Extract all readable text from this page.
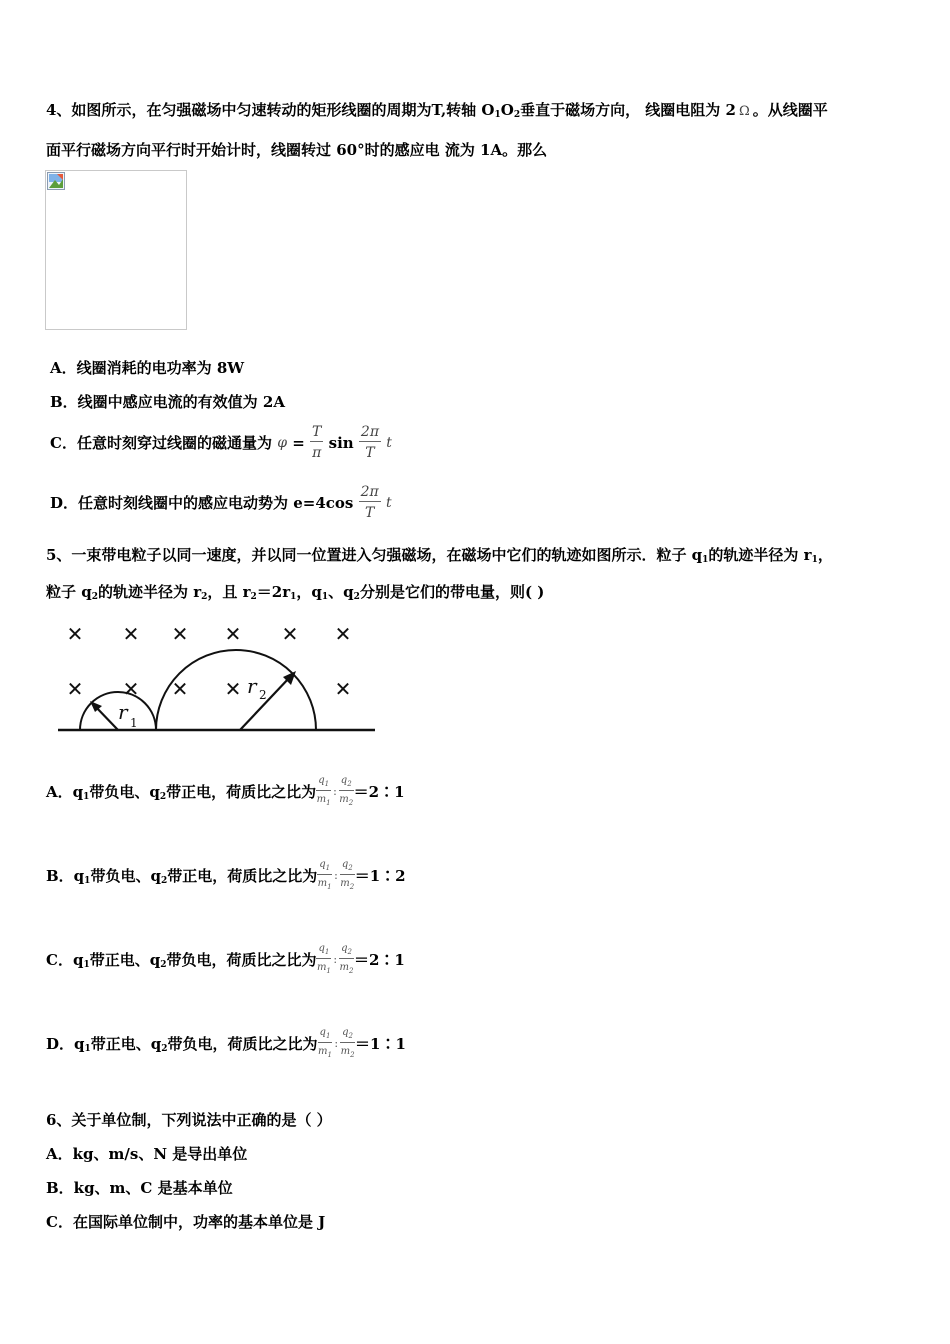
4、如图所示，在匀强磁场中匀速转动的矩形线圈的周期为T,转轴 $O_1O_2$垂直于磁场方向， 线圈电阻为 2 Ω 。从线圈平
面平行磁场方向平行时开始计时，线圈转过 60°时的感应电 流为 1A。那么
A．线圈消耗的电功率为 8W
B．线圈中感应电流的有效值为 2A
C．任意时刻穿过线圈的磁通量为 $\varphi = \frac{T}{\pi}$ $\sin \frac{2\pi}{T}$ t
D．任意时刻线圈中的感应电动势为 $e=4\cos \frac{2\pi}{T}$ t
5、一束带电粒子以同一速度，并以同一位置进入匀强磁场，在磁场中它们的轨迹如图所示．粒子 $q_1$的轨迹半径为 $r_1$，
粒子 $q_2$的轨迹半径为 $r_2$，且 $r_2=2r_1$，$q_1$、$q_2$分别是它们的带电量，则( )
✕ ✕ ✕ ✕ ✕ ✕
✕ ✕ ✕ ✕	✕
r 1
r 2
A．$q_1$带负电、$q_2$带正电，荷质比之比为 $\frac{q_1}{m_1}$ : $\frac{q_2}{m_2}$ ＝2∶1
B．$q_1$带负电、$q_2$带正电，荷质比之比为 $\frac{q_1}{m_1}$ : $\frac{q_2}{m_2}$ ＝1∶2
C．$q_1$带正电、$q_2$带负电，荷质比之比为 $\frac{q_1}{m_1}$ : $\frac{q_2}{m_2}$ ＝2∶1
D．$q_1$带正电、$q_2$带负电，荷质比之比为 $\frac{q_1}{m_1}$ : $\frac{q_2}{m_2}$ ＝1∶1
6、关于单位制，下列说法中正确的是（ ）
A．kg、m/s、N 是导出单位
B．kg、m、C 是基本单位
C．在国际单位制中，功率的基本单位是 J
